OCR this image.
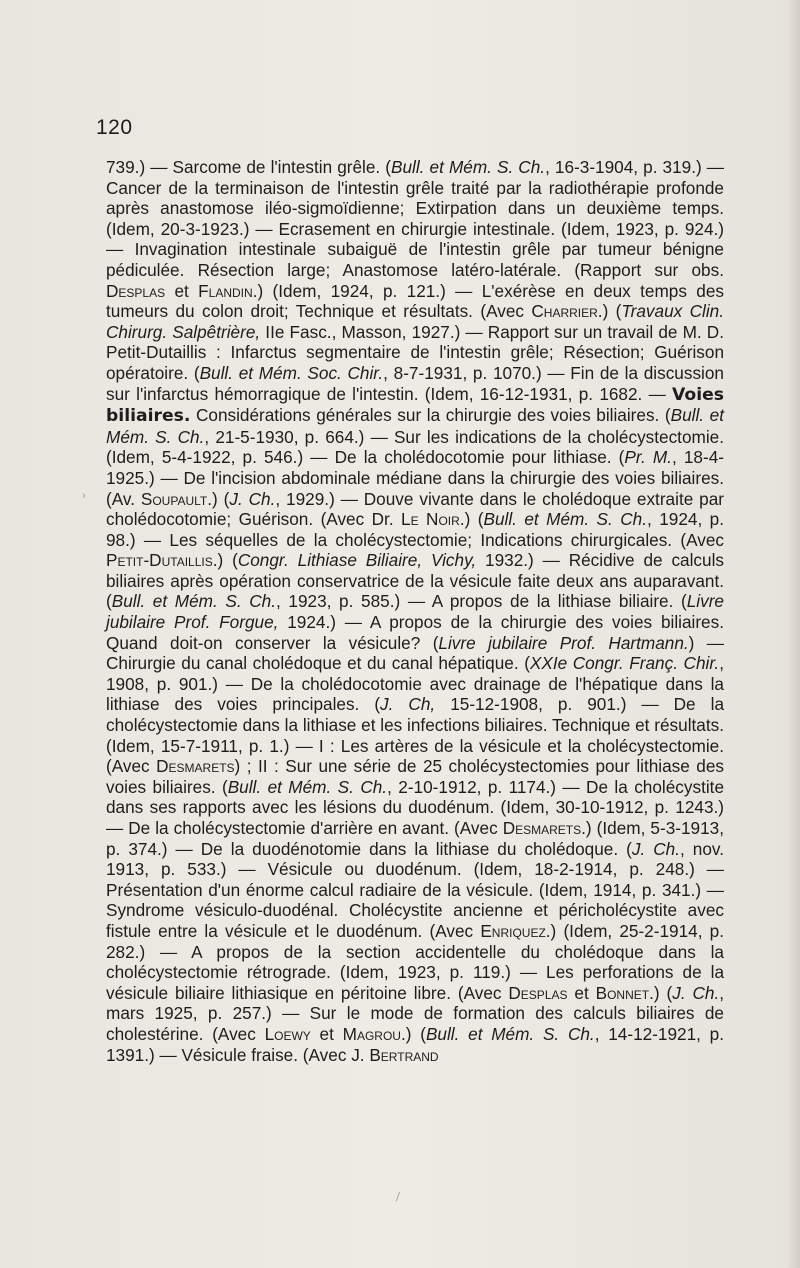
120
›
739.) — Sarcome de l'intestin grêle. (Bull. et Mém. S. Ch., 16-3-1904, p. 319.) —Cancer de la terminaison de l'intestin grêle traité par la radiothérapie profonde après anastomose iléo-sigmoïdienne; Extirpation dans un deuxième temps.(Idem, 20-3-1923.) — Ecrasement en chirurgie intestinale. (Idem, 1923, p. 924.) — Invagination intestinale subaiguë de l'intestin grêle par tumeur bénigne pédiculée. Résection large; Anastomose latéro-latérale. (Rapport sur obs. Desplas et Flandin.) (Idem, 1924, p. 121.) — L'exérèse en deux temps des tumeurs du colon droit; Technique et résultats. (Avec Charrier.) (Travaux Clin. Chirurg. Salpêtrière, IIe Fasc., Masson, 1927.) — Rapport sur un travail de M. D. Petit-Dutaillis : Infarctus segmentaire de l'intestin grêle; Résection; Guérison opératoire. (Bull. et Mém. Soc. Chir., 8-7-1931, p. 1070.) — Fin de la discussion sur l'infarctus hémorragique de l'intestin. (Idem, 16-12-1931, p. 1682. — Voies biliaires. Considérations générales sur la chirurgie des voies biliaires. (Bull. et Mém. S. Ch., 21-5-1930, p. 664.) — Sur les indications de la cholécystectomie. (Idem, 5-4-1922, p. 546.) — De la cholédocotomie pour lithiase. (Pr. M., 18-4-1925.) — De l'incision abdominale médiane dans la chirurgie des voies biliaires. (Av. Soupault.) (J. Ch., 1929.) — Douve vivante dans le cholédoque extraite par cholédocotomie; Guérison. (Avec Dr. Le Noir.) (Bull. et Mém. S. Ch., 1924, p. 98.) — Les séquelles de la cholécystectomie; Indications chirurgicales. (Avec Petit-Dutaillis.) (Congr. Lithiase Biliaire, Vichy, 1932.) — Récidive de calculs biliaires après opération conservatrice de la vésicule faite deux ans auparavant. (Bull. et Mém. S. Ch., 1923, p. 585.) — A propos de la lithiase biliaire. (Livre jubilaire Prof. Forgue, 1924.) — A propos de la chirurgie des voies biliaires. Quand doit-on conserver la vésicule? (Livre jubilaire Prof. Hartmann.) — Chirurgie du canal cholédoque et du canal hépatique. (XXIe Congr. Franç. Chir., 1908, p. 901.) — De la cholédocotomie avec drainage de l'hépatique dans la lithiase des voies principales. (J. Ch, 15-12-1908, p. 901.) — De la cholécystectomie dans la lithiase et les infections biliaires. Technique et résultats. (Idem, 15-7-1911, p. 1.) — I : Les artères de la vésicule et la cholécystectomie. (Avec Desmarets) ; II : Sur une série de 25 cholécystectomies pour lithiase des voies biliaires. (Bull. et Mém. S. Ch., 2-10-1912, p. 1174.) — De la cholécystite dans ses rapports avec les lésions du duodénum. (Idem, 30-10-1912, p. 1243.) — De la cholécystectomie d'arrière en avant. (Avec Desmarets.) (Idem, 5-3-1913, p. 374.) — De la duodénotomie dans la lithiase du cholédoque. (J. Ch., nov. 1913, p. 533.) — Vésicule ou duodénum. (Idem, 18-2-1914, p. 248.) — Présentation d'un énorme calcul radiaire de la vésicule. (Idem, 1914, p. 341.) — Syndrome vésiculo-duodénal. Cholécystite ancienne et péricholécystite avec fistule entre la vésicule et le duodénum. (Avec Enriquez.) (Idem, 25-2-1914, p. 282.) — A propos de la section accidentelle du cholédoque dans la cholécystectomie rétrograde. (Idem, 1923, p. 119.) — Les perforations de la vésicule biliaire lithiasique en péritoine libre. (Avec Desplas et Bonnet.) (J. Ch., mars 1925, p. 257.) — Sur le mode de formation des calculs biliaires de cholestérine. (Avec Loewy et Magrou.) (Bull. et Mém. S. Ch., 14-12-1921, p. 1391.) — Vésicule fraise. (Avec J. Bertrand
/
